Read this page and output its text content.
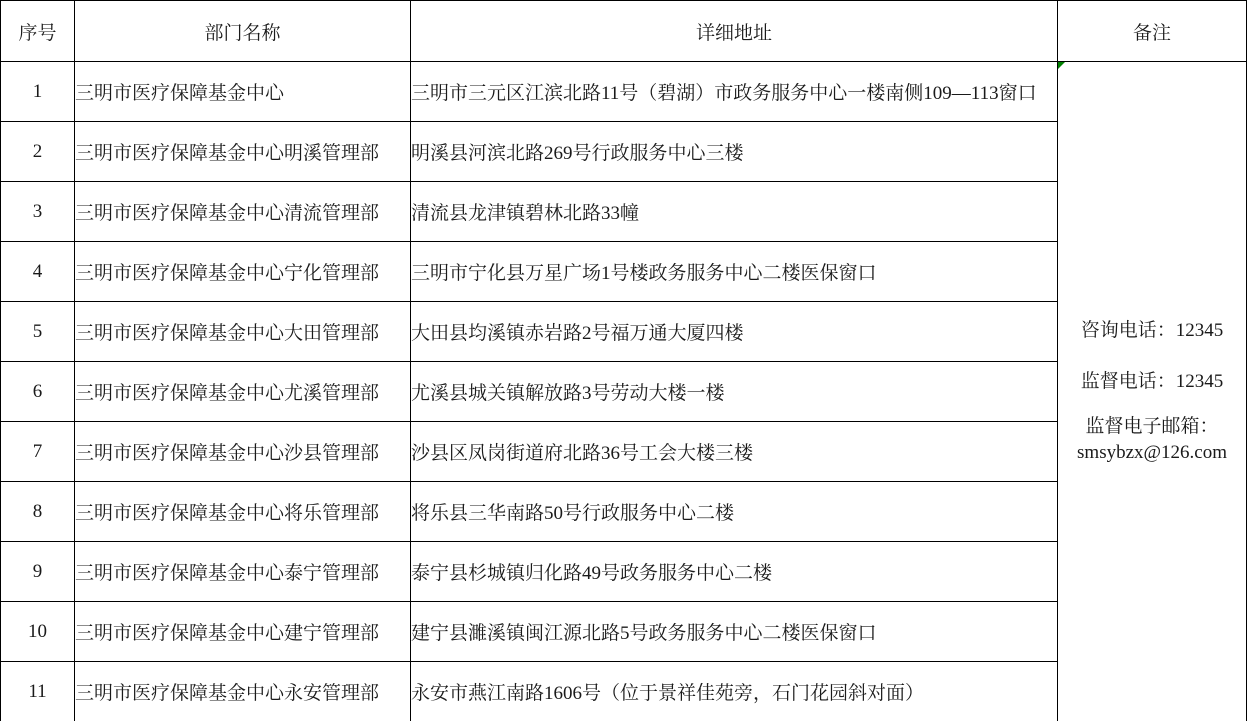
序号	部门名称	详细地址	备注
1	三明市医疗保障基金中心	三明市三元区江滨北路11号（碧湖）市政务服务中心一楼南侧109—113窗口	咨询电话：12345
监督电话：12345
监督电子邮箱：
smsybzx@126.com

2	三明市医疗保障基金中心明溪管理部	明溪县河滨北路269号行政服务中心三楼	
3	三明市医疗保障基金中心清流管理部	清流县龙津镇碧林北路33幢	
4	三明市医疗保障基金中心宁化管理部	三明市宁化县万星广场1号楼政务服务中心二楼医保窗口	
5	三明市医疗保障基金中心大田管理部	大田县均溪镇赤岩路2号福万通大厦四楼	
6	三明市医疗保障基金中心尤溪管理部	尤溪县城关镇解放路3号劳动大楼一楼	
7	三明市医疗保障基金中心沙县管理部	沙县区凤岗街道府北路36号工会大楼三楼	
8	三明市医疗保障基金中心将乐管理部	将乐县三华南路50号行政服务中心二楼	
9	三明市医疗保障基金中心泰宁管理部	泰宁县杉城镇归化路49号政务服务中心二楼	
10	三明市医疗保障基金中心建宁管理部	建宁县濉溪镇闽江源北路5号政务服务中心二楼医保窗口	
11	三明市医疗保障基金中心永安管理部	永安市燕江南路1606号（位于景祥佳苑旁，石门花园斜对面）	
